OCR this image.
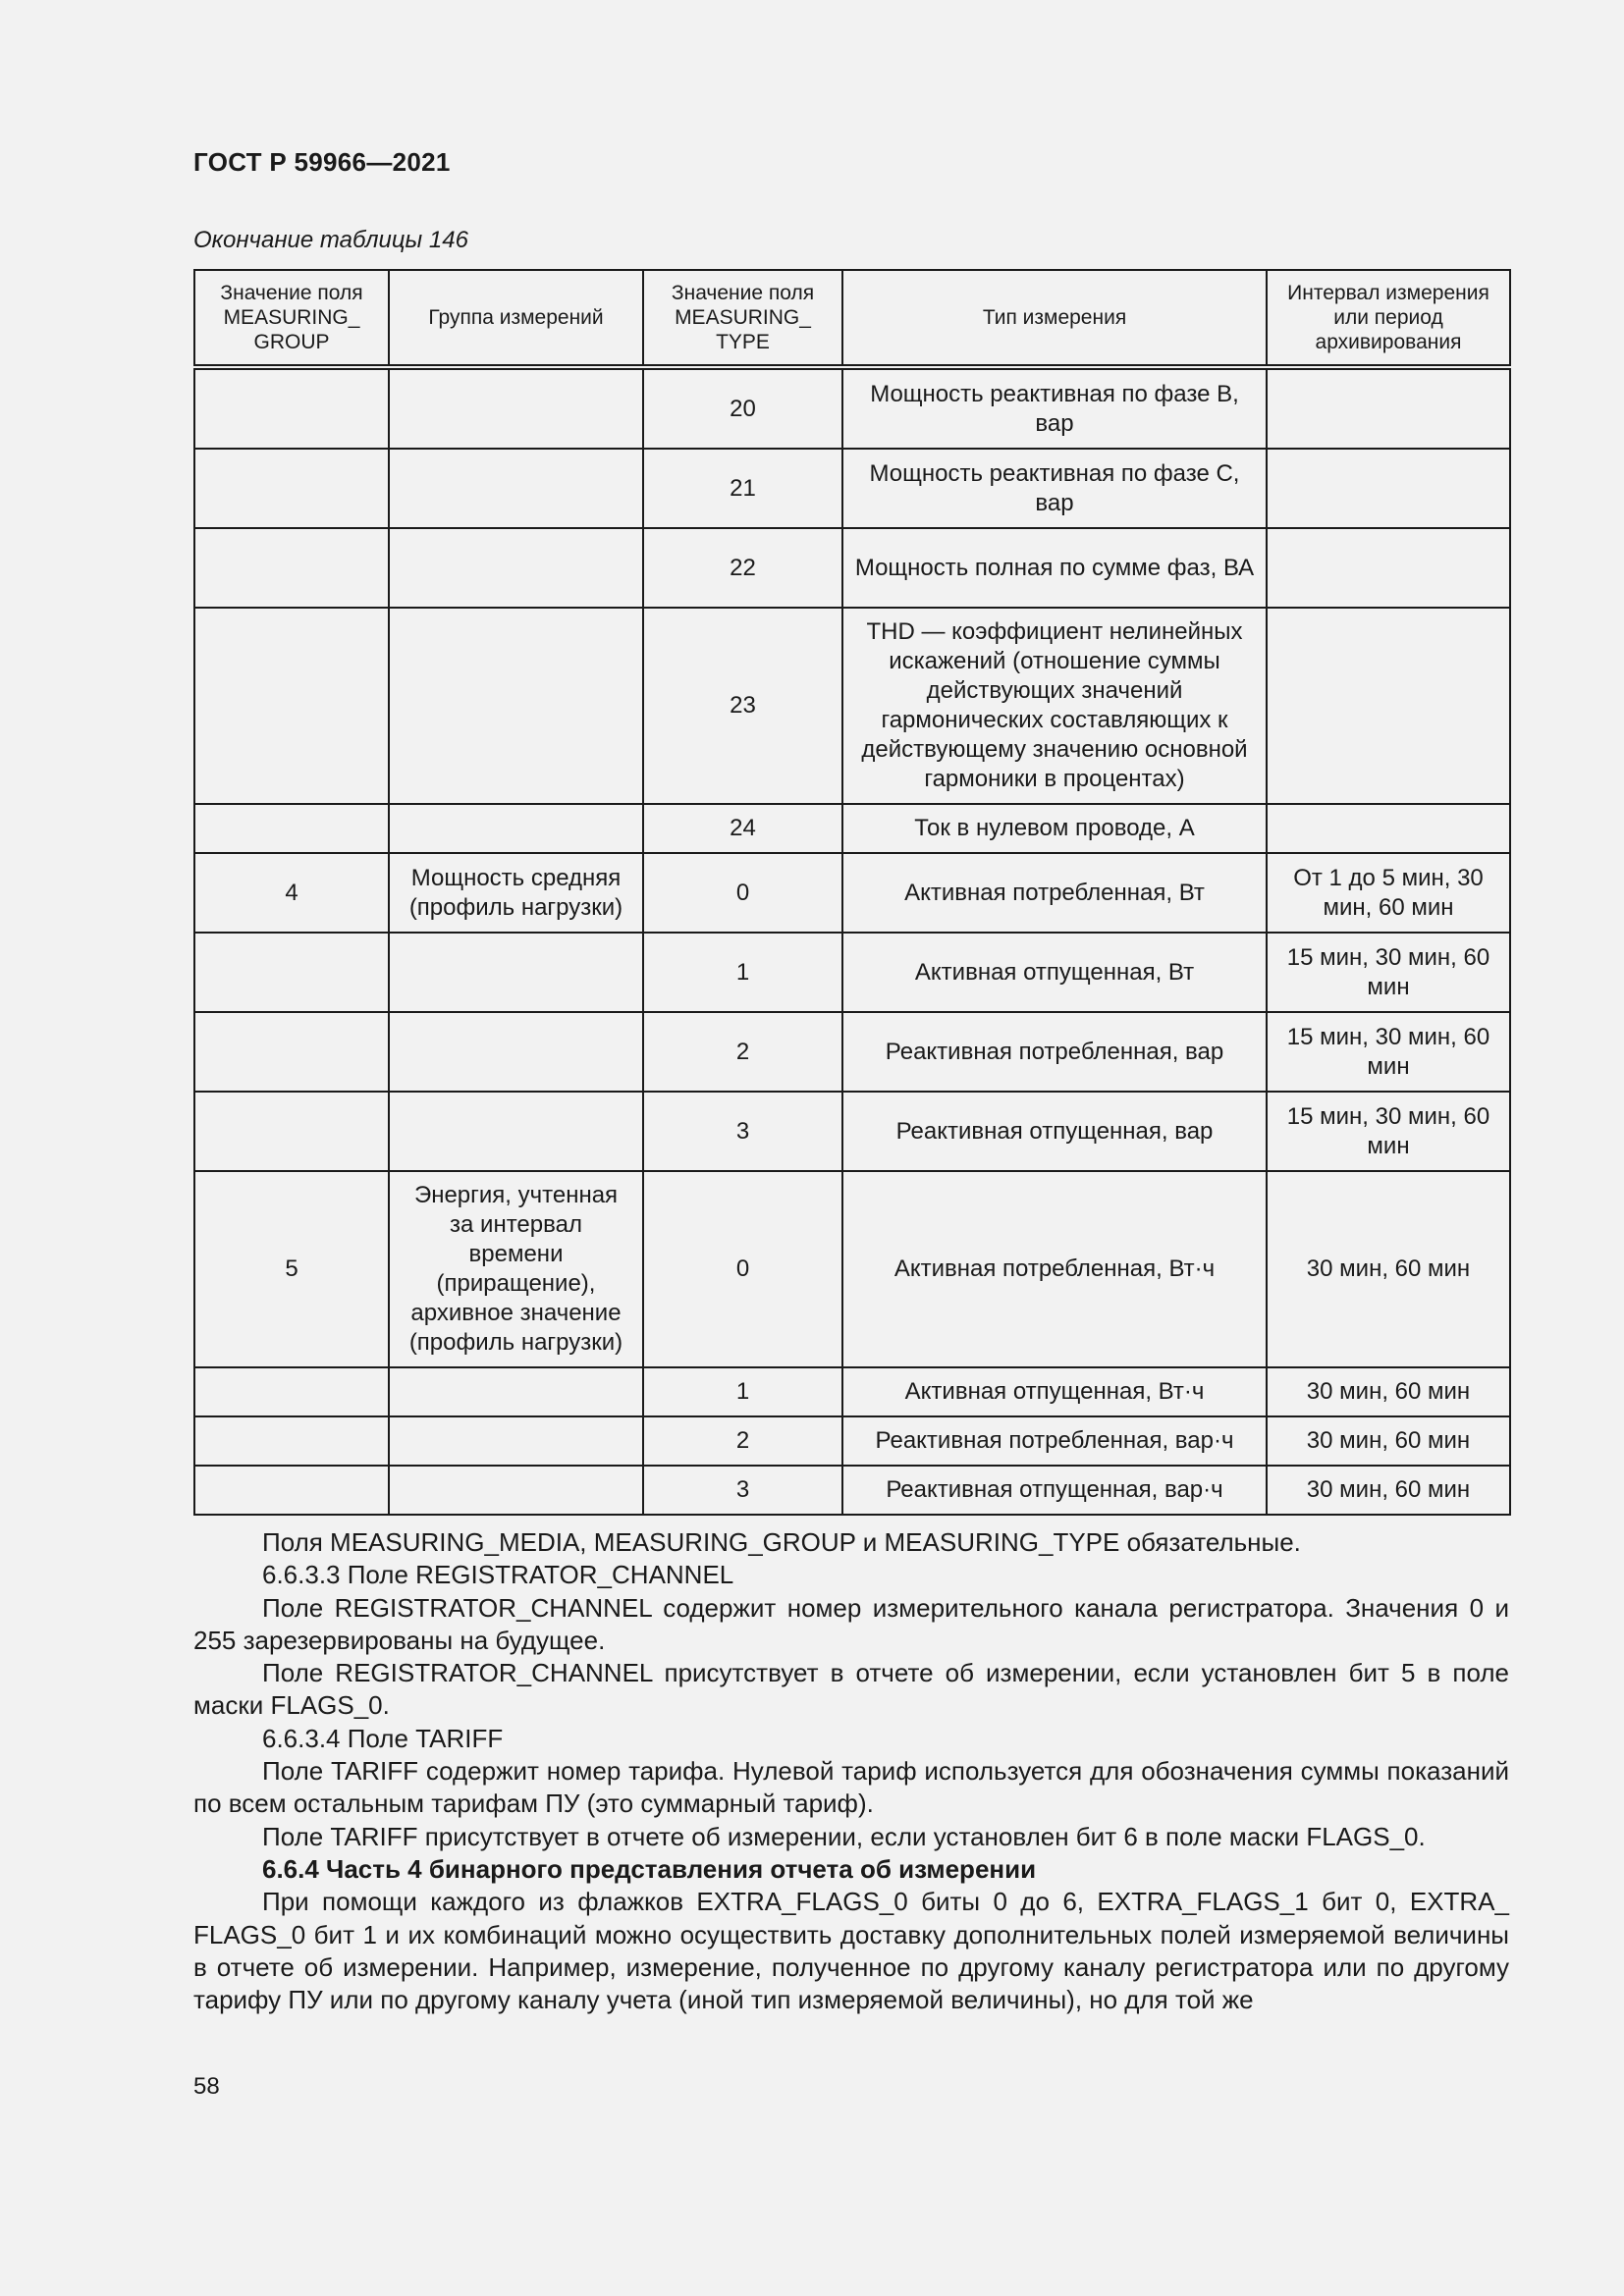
ГОСТ Р 59966—2021
Окончание таблицы 146
Значение поля MEASURING_ GROUP	Группа измерений	Значение поля MEASURING_ TYPE	Тип измерения	Интервал измерения или период архивирования
		20	Мощность реактивная по фазе B, вар	
		21	Мощность реактивная по фазе C, вар	
		22	Мощность полная по сумме фаз, ВА	
		23	THD — коэффициент нелинейных искажений (отношение суммы действующих значений гармонических составляющих к действующему значению основной гармоники в процентах)	
		24	Ток в нулевом проводе, А	
4	Мощность средняя (профиль нагрузки)	0	Активная потребленная, Вт	От 1 до 5 мин, 30 мин, 60 мин
		1	Активная отпущенная, Вт	15 мин, 30 мин, 60 мин
		2	Реактивная потребленная, вар	15 мин, 30 мин, 60 мин
		3	Реактивная отпущенная, вар	15 мин, 30 мин, 60 мин
5	Энергия, учтенная за интервал времени (приращение), архивное значение (профиль нагрузки)	0	Активная потребленная, Вт·ч	30 мин, 60 мин
		1	Активная отпущенная, Вт·ч	30 мин, 60 мин
		2	Реактивная потребленная, вар·ч	30 мин, 60 мин
		3	Реактивная отпущенная, вар·ч	30 мин, 60 мин

Поля MEASURING_MEDIA, MEASURING_GROUP и MEASURING_TYPE обязательные.

6.6.3.3 Поле REGISTRATOR_CHANNEL

Поле REGISTRATOR_CHANNEL содержит номер измерительного канала регистратора. Значения 0 и 255 зарезервированы на будущее.

Поле REGISTRATOR_CHANNEL присутствует в отчете об измерении, если установлен бит 5 в поле маски FLAGS_0.

6.6.3.4 Поле TARIFF

Поле TARIFF содержит номер тарифа. Нулевой тариф используется для обозначения суммы показаний по всем остальным тарифам ПУ (это суммарный тариф).

Поле TARIFF присутствует в отчете об измерении, если установлен бит 6 в поле маски FLAGS_0.

6.6.4 Часть 4 бинарного представления отчета об измерении

При помощи каждого из флажков EXTRA_FLAGS_0 биты 0 до 6, EXTRA_FLAGS_1 бит 0, EXTRA_ FLAGS_0 бит 1 и их комбинаций можно осуществить доставку дополнительных полей измеряемой величины в отчете об измерении. Например, измерение, полученное по другому каналу регистратора или по другому тарифу ПУ или по другому каналу учета (иной тип измеряемой величины), но для той же

58
